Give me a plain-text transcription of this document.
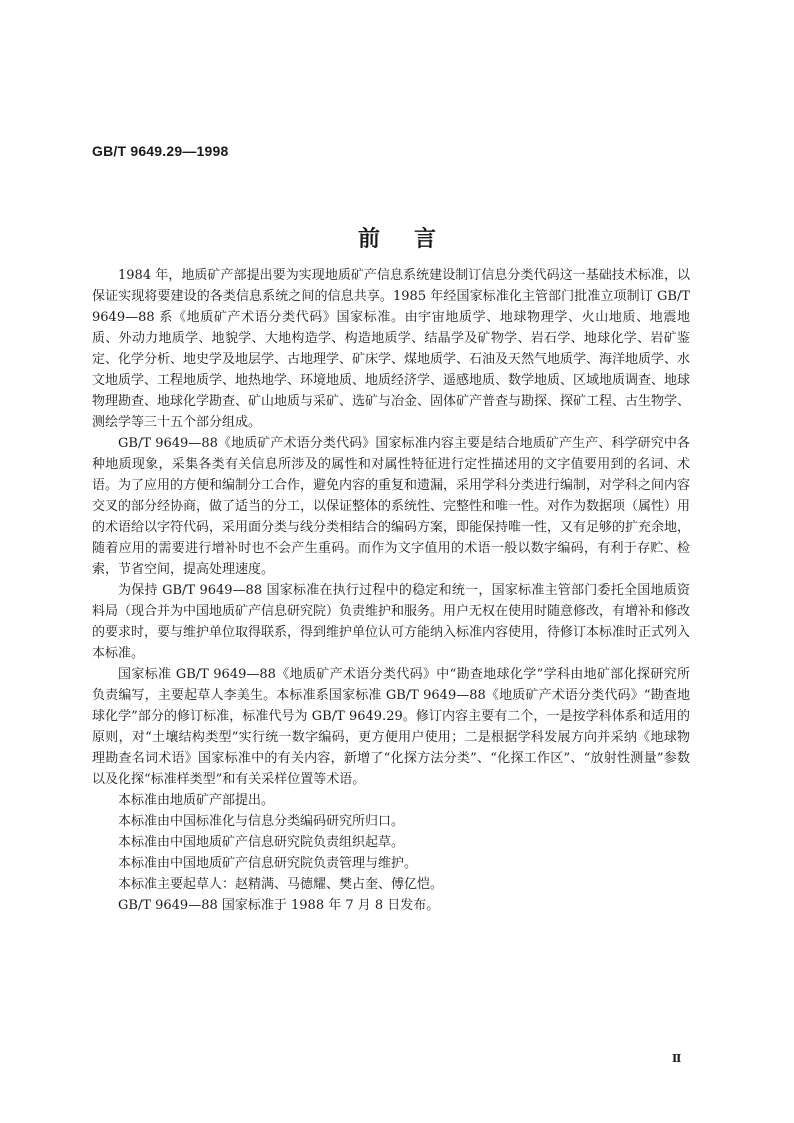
GB/T 9649.29—1998
前言

1984 年，地质矿产部提出要为实现地质矿产信息系统建设制订信息分类代码这一基础技术标准，以保证实现将要建设的各类信息系统之间的信息共享。1985 年经国家标准化主管部门批准立项制订 GB/T 9649—88 系《地质矿产术语分类代码》国家标准。由宇宙地质学、地球物理学、火山地质、地震地质、外动力地质学、地貌学、大地构造学、构造地质学、结晶学及矿物学、岩石学、地球化学、岩矿鉴定、化学分析、地史学及地层学、古地理学、矿床学、煤地质学、石油及天然气地质学、海洋地质学、水文地质学、工程地质学、地热地学、环境地质、地质经济学、遥感地质、数学地质、区域地质调查、地球物理勘查、地球化学勘查、矿山地质与采矿、选矿与冶金、固体矿产普查与勘探、探矿工程、古生物学、测绘学等三十五个部分组成。

GB/T 9649—88《地质矿产术语分类代码》国家标准内容主要是结合地质矿产生产、科学研究中各种地质现象，采集各类有关信息所涉及的属性和对属性特征进行定性描述用的文字值要用到的名词、术语。为了应用的方便和编制分工合作，避免内容的重复和遗漏，采用学科分类进行编制，对学科之间内容交叉的部分经协商，做了适当的分工，以保证整体的系统性、完整性和唯一性。对作为数据项（属性）用的术语给以字符代码，采用面分类与线分类相结合的编码方案，即能保持唯一性，又有足够的扩充余地，随着应用的需要进行增补时也不会产生重码。而作为文字值用的术语一般以数字编码，有利于存贮、检索，节省空间，提高处理速度。

为保持 GB/T 9649—88 国家标准在执行过程中的稳定和统一，国家标准主管部门委托全国地质资料局（现合并为中国地质矿产信息研究院）负责维护和服务。用户无权在使用时随意修改，有增补和修改的要求时，要与维护单位取得联系，得到维护单位认可方能纳入标准内容使用，待修订本标准时正式列入本标准。

国家标准 GB/T 9649—88《地质矿产术语分类代码》中“勘查地球化学”学科由地矿部化探研究所负责编写，主要起草人李美生。本标准系国家标准 GB/T 9649—88《地质矿产术语分类代码》“勘查地球化学”部分的修订标准，标准代号为 GB/T 9649.29。修订内容主要有二个，一是按学科体系和适用的原则，对“土壤结构类型”实行统一数字编码，更方便用户使用；二是根据学科发展方向并采纳《地球物理勘查名词术语》国家标准中的有关内容，新增了“化探方法分类”、“化探工作区”、“放射性测量”参数以及化探“标准样类型”和有关采样位置等术语。

本标准由地质矿产部提出。

本标准由中国标准化与信息分类编码研究所归口。

本标准由中国地质矿产信息研究院负责组织起草。

本标准由中国地质矿产信息研究院负责管理与维护。

本标准主要起草人：赵精满、马德耀、樊占奎、傅亿恺。

GB/T 9649—88 国家标准于 1988 年 7 月 8 日发布。

Ⅱ
